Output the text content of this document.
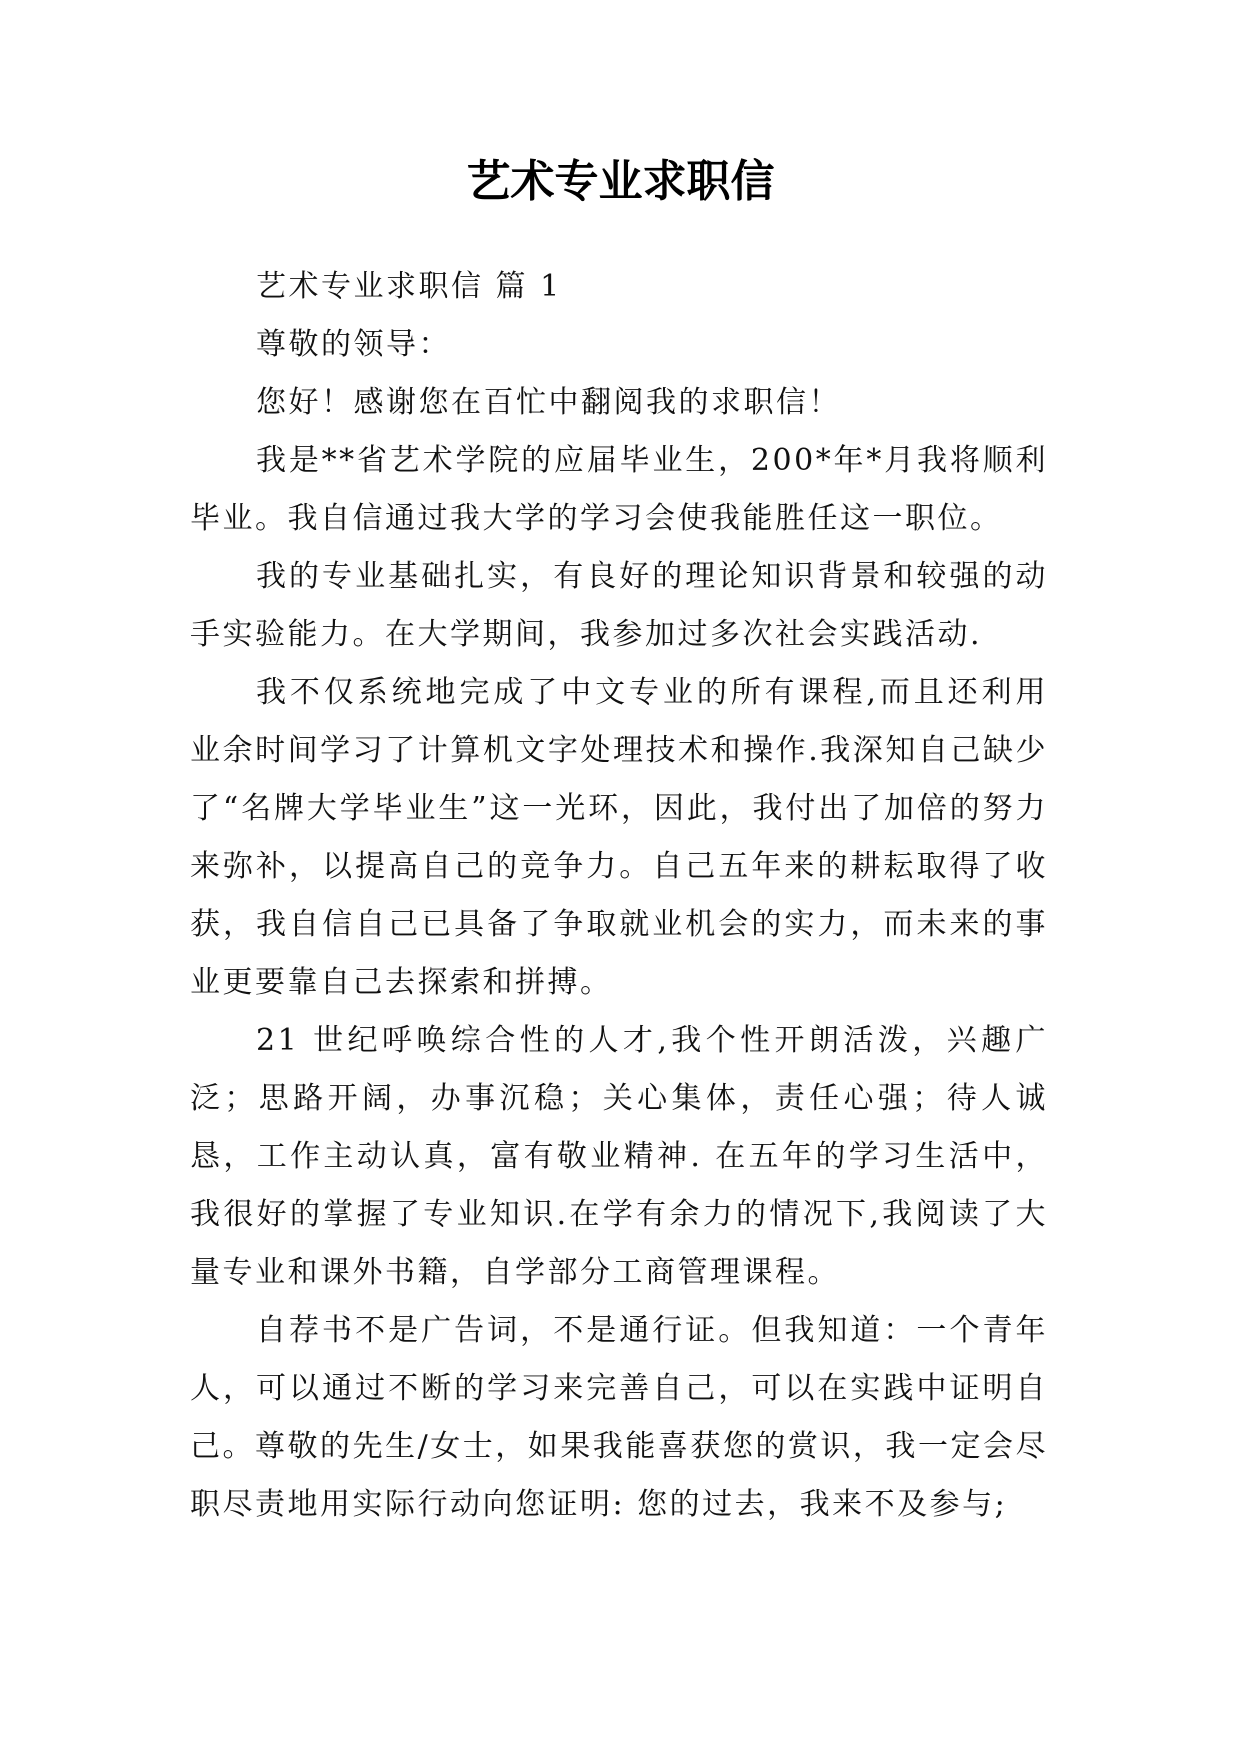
艺术专业求职信

艺术专业求职信 篇 1

尊敬的领导：

您好！感谢您在百忙中翻阅我的求职信！

我是**省艺术学院的应届毕业生，200*年*月我将顺利毕业。我自信通过我大学的学习会使我能胜任这一职位。

我的专业基础扎实，有良好的理论知识背景和较强的动手实验能力。在大学期间，我参加过多次社会实践活动.

我不仅系统地完成了中文专业的所有课程,而且还利用业余时间学习了计算机文字处理技术和操作.我深知自己缺少了“名牌大学毕业生”这一光环，因此，我付出了加倍的努力来弥补，以提高自己的竞争力。自己五年来的耕耘取得了收获，我自信自己已具备了争取就业机会的实力，而未来的事业更要靠自己去探索和拼搏。

21 世纪呼唤综合性的人才,我个性开朗活泼，兴趣广泛；思路开阔，办事沉稳；关心集体，责任心强；待人诚恳，工作主动认真，富有敬业精神. 在五年的学习生活中，我很好的掌握了专业知识.在学有余力的情况下,我阅读了大量专业和课外书籍，自学部分工商管理课程。

自荐书不是广告词，不是通行证。但我知道：一个青年人，可以通过不断的学习来完善自己，可以在实践中证明自己。尊敬的先生/女士，如果我能喜获您的赏识，我一定会尽职尽责地用实际行动向您证明: 您的过去，我来不及参与;
